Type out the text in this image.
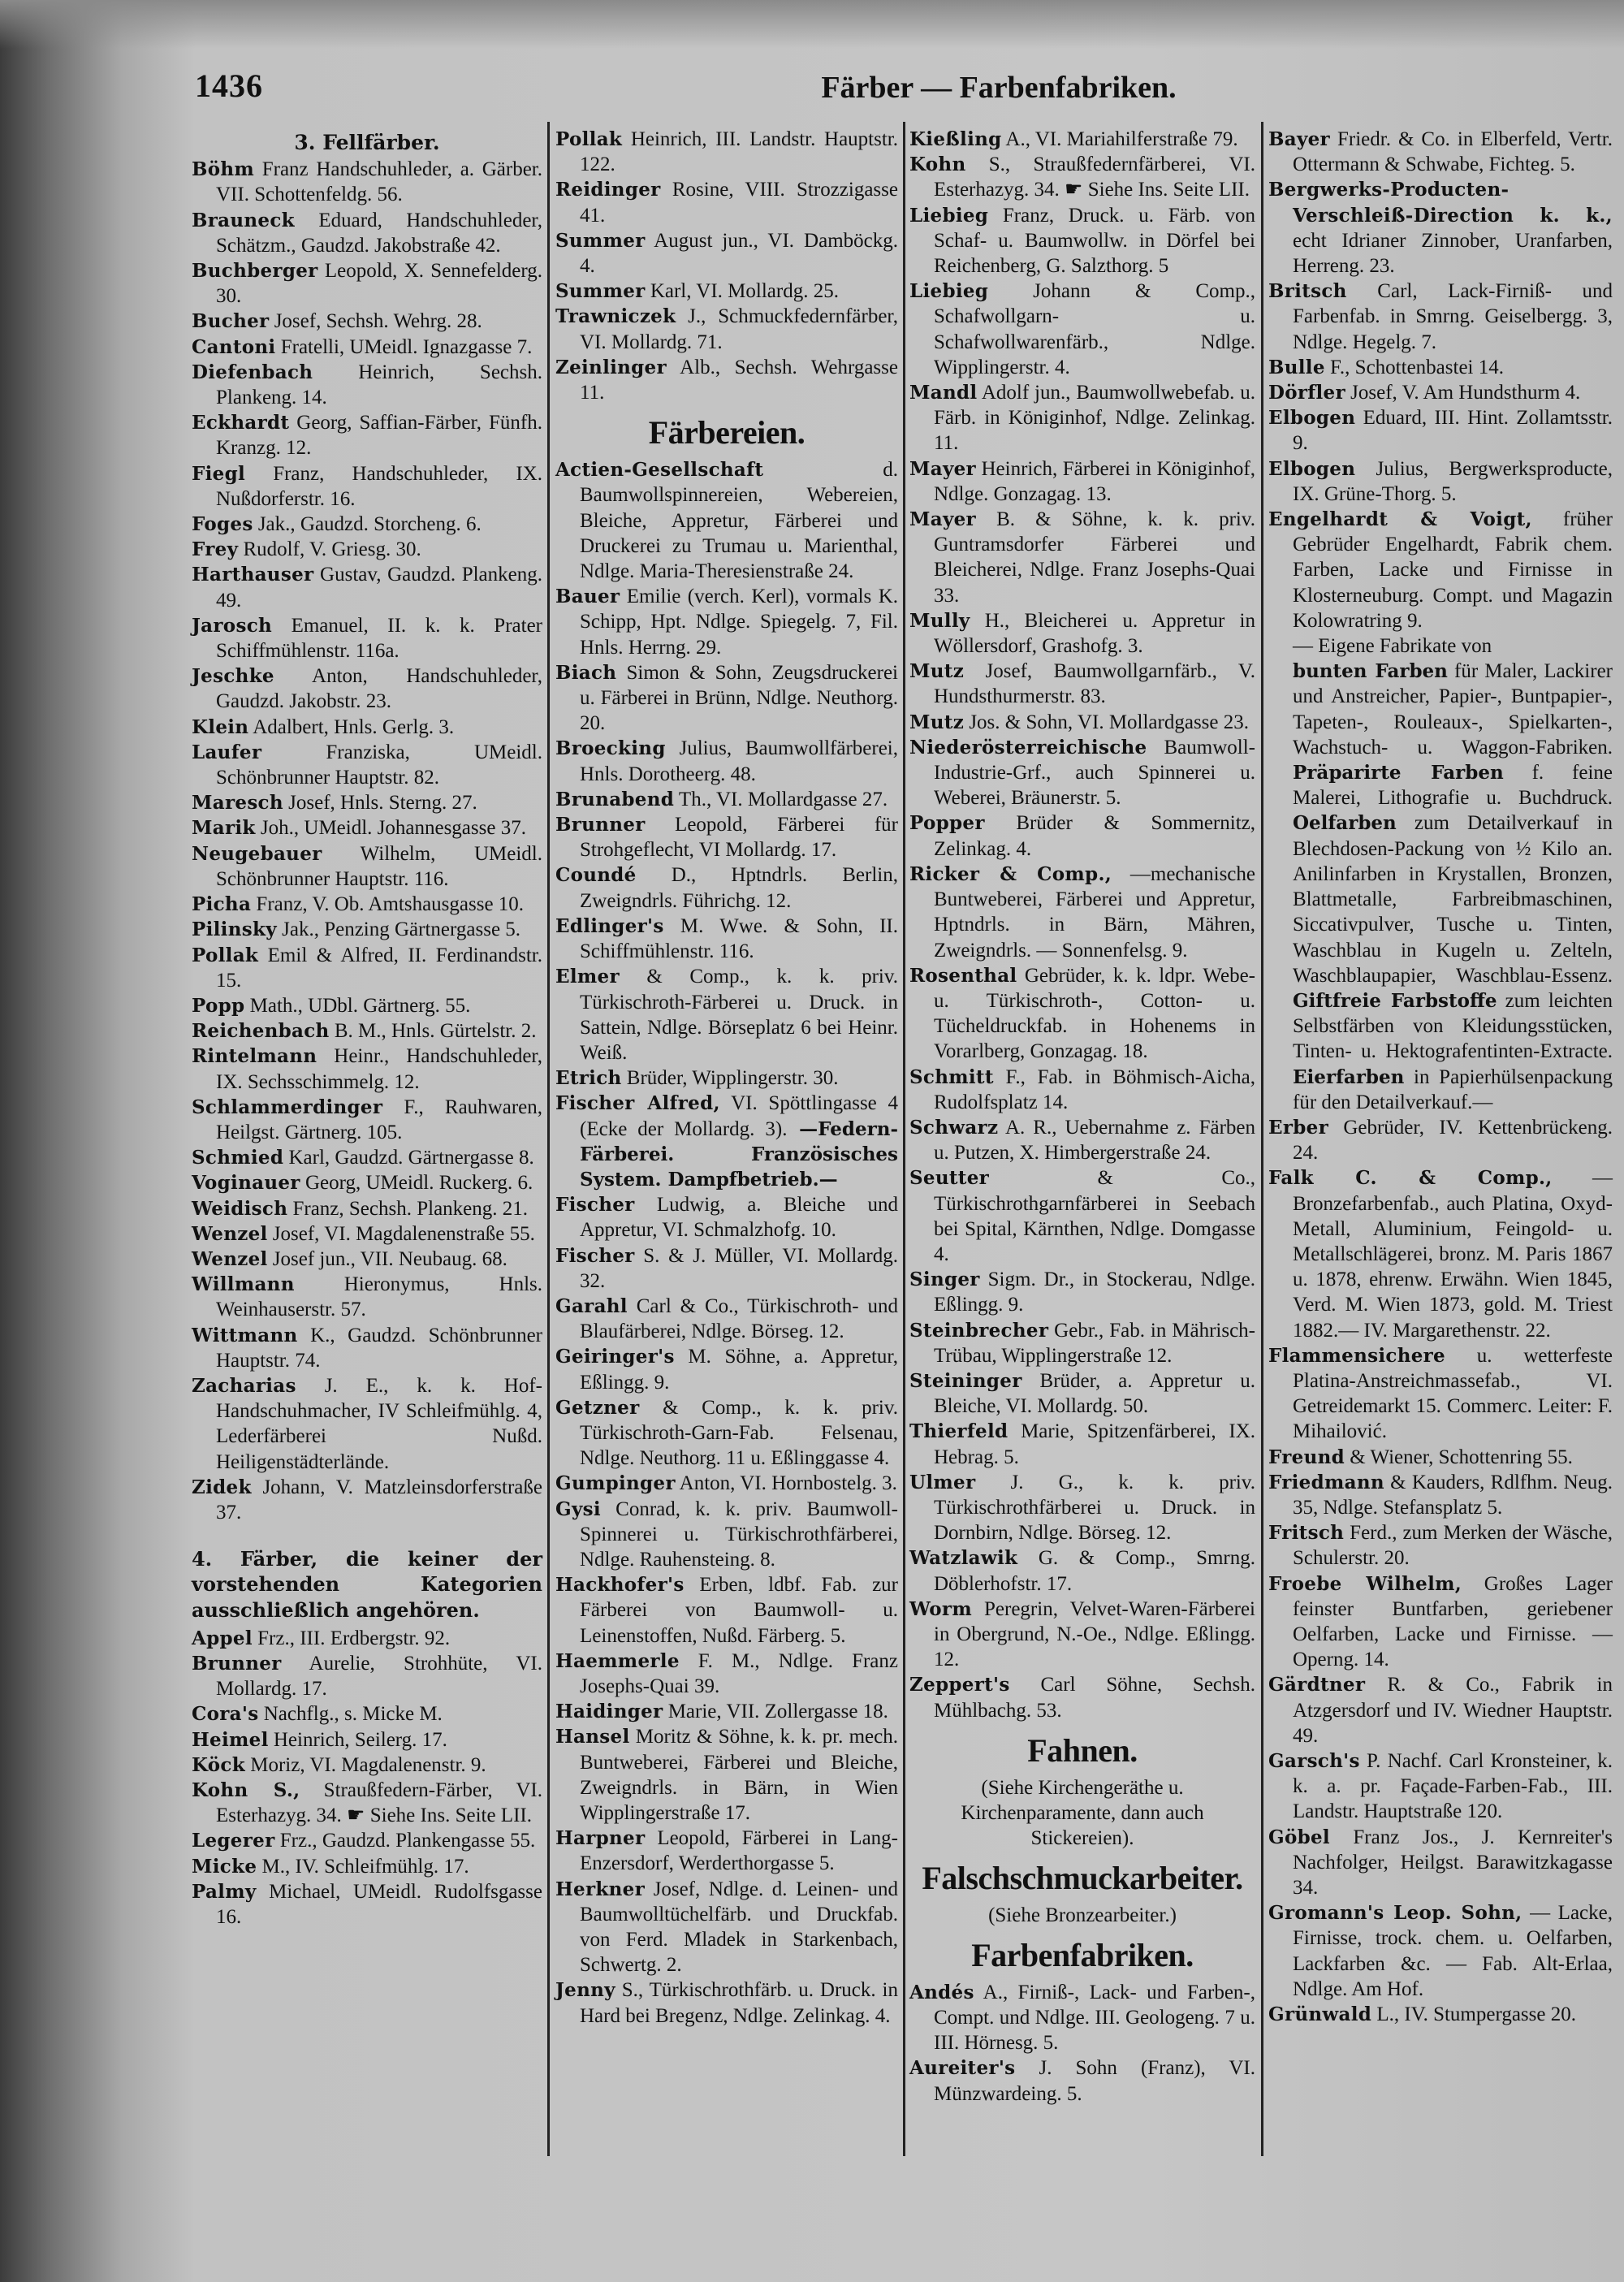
1436	Färber — Farbenfabriken.
3. Fellfärber.
Böhm Franz Handschuhleder, a. Gärber. VII. Schottenfeldg. 56.
Brauneck Eduard, Handschuhleder, Schätzm., Gaudzd. Jakobstraße 42.
Buchberger Leopold, X. Sennefelderg. 30.
Bucher Josef, Sechsh. Wehrg. 28.
Cantoni Fratelli, UMeidl. Ignazgasse 7.
Diefenbach Heinrich, Sechsh. Plankeng. 14.
Eckhardt Georg, Saffian-Färber, Fünfh. Kranzg. 12.
Fiegl Franz, Handschuhleder, IX. Nußdorferstr. 16.
Foges Jak., Gaudzd. Storcheng. 6.
Frey Rudolf, V. Griesg. 30.
Harthauser Gustav, Gaudzd. Plankeng. 49.
Jarosch Emanuel, II. k. k. Prater Schiffmühlenstr. 116a.
Jeschke Anton, Handschuhleder, Gaudzd. Jakobstr. 23.
Klein Adalbert, Hnls. Gerlg. 3.
Laufer Franziska, UMeidl. Schönbrunner Hauptstr. 82.
Maresch Josef, Hnls. Sterng. 27.
Marik Joh., UMeidl. Johannesgasse 37.
Neugebauer Wilhelm, UMeidl. Schönbrunner Hauptstr. 116.
Picha Franz, V. Ob. Amtshausgasse 10.
Pilinsky Jak., Penzing Gärtnergasse 5.
Pollak Emil & Alfred, II. Ferdinandstr. 15.
Popp Math., UDbl. Gärtnerg. 55.
Reichenbach B. M., Hnls. Gürtelstr. 2.
Rintelmann Heinr., Handschuhleder, IX. Sechsschimmelg. 12.
Schlammerdinger F., Rauhwaren, Heilgst. Gärtnerg. 105.
Schmied Karl, Gaudzd. Gärtnergasse 8.
Voginauer Georg, UMeidl. Ruckerg. 6.
Weidisch Franz, Sechsh. Plankeng. 21.
Wenzel Josef, VI. Magdalenenstraße 55.
Wenzel Josef jun., VII. Neubaug. 68.
Willmann Hieronymus, Hnls. Weinhauserstr. 57.
Wittmann K., Gaudzd. Schönbrunner Hauptstr. 74.
Zacharias J. E., k. k. Hof-Handschuhmacher, IV Schleifmühlg. 4, Lederfärberei Nußd. Heiligenstädterlände.
Zidek Johann, V. Matzleinsdorferstraße 37.
4. Färber, die keiner der vorstehenden Kategorien ausschließlich angehören.
Appel Frz., III. Erdbergstr. 92.
Brunner Aurelie, Strohhüte, VI. Mollardg. 17.
Cora's Nachflg., s. Micke M.
Heimel Heinrich, Seilerg. 17.
Köck Moriz, VI. Magdalenenstr. 9.
Kohn S., Straußfedern-Färber, VI. Esterhazyg. 34. ☛ Siehe Ins. Seite LII.
Legerer Frz., Gaudzd. Plankengasse 55.
Micke M., IV. Schleifmühlg. 17.
Palmy Michael, UMeidl. Rudolfsgasse 16.
Pollak Heinrich, III. Landstr. Hauptstr. 122.
Reidinger Rosine, VIII. Strozzigasse 41.
Summer August jun., VI. Damböckg. 4.
Summer Karl, VI. Mollardg. 25.
Trawniczek J., Schmuckfedernfärber, VI. Mollardg. 71.
Zeinlinger Alb., Sechsh. Wehrgasse 11.
Färbereien.
Actien-Gesellschaft d. Baumwollspinnereien, Webereien, Bleiche, Appretur, Färberei und Druckerei zu Trumau u. Marienthal, Ndlge. Maria-Theresienstraße 24.
Bauer Emilie (verch. Kerl), vormals K. Schipp, Hpt. Ndlge. Spiegelg. 7, Fil. Hnls. Herrng. 29.
Biach Simon & Sohn, Zeugsdruckerei u. Färberei in Brünn, Ndlge. Neuthorg. 20.
Broecking Julius, Baumwollfärberei, Hnls. Dorotheerg. 48.
Brunabend Th., VI. Mollardgasse 27.
Brunner Leopold, Färberei für Strohgeflecht, VI Mollardg. 17.
Coundé D., Hptndrls. Berlin, Zweigndrls. Führichg. 12.
Edlinger's M. Wwe. & Sohn, II. Schiffmühlenstr. 116.
Elmer & Comp., k. k. priv. Türkischroth-Färberei u. Druck. in Sattein, Ndlge. Börseplatz 6 bei Heinr. Weiß.
Etrich Brüder, Wipplingerstr. 30.
Fischer Alfred, VI. Spöttlingasse 4 (Ecke der Mollardg. 3). —Federn-Färberei. Französisches System. Dampfbetrieb.—
Fischer Ludwig, a. Bleiche und Appretur, VI. Schmalzhofg. 10.
Fischer S. & J. Müller, VI. Mollardg. 32.
Garahl Carl & Co., Türkischroth- und Blaufärberei, Ndlge. Börseg. 12.
Geiringer's M. Söhne, a. Appretur, Eßlingg. 9.
Getzner & Comp., k. k. priv. Türkischroth-Garn-Fab. Felsenau, Ndlge. Neuthorg. 11 u. Eßlinggasse 4.
Gumpinger Anton, VI. Hornbostelg. 3.
Gysi Conrad, k. k. priv. Baumwoll-Spinnerei u. Türkischrothfärberei, Ndlge. Rauhensteing. 8.
Hackhofer's Erben, ldbf. Fab. zur Färberei von Baumwoll- u. Leinenstoffen, Nußd. Färberg. 5.
Haemmerle F. M., Ndlge. Franz Josephs-Quai 39.
Haidinger Marie, VII. Zollergasse 18.
Hansel Moritz & Söhne, k. k. pr. mech. Buntweberei, Färberei und Bleiche, Zweigndrls. in Bärn, in Wien Wipplingerstraße 17.
Harpner Leopold, Färberei in Lang-Enzersdorf, Werderthorgasse 5.
Herkner Josef, Ndlge. d. Leinen- und Baumwolltüchelfärb. und Druckfab. von Ferd. Mladek in Starkenbach, Schwertg. 2.
Jenny S., Türkischrothfärb. u. Druck. in Hard bei Bregenz, Ndlge. Zelinkag. 4.
Kießling A., VI. Mariahilferstraße 79.
Kohn S., Straußfedernfärberei, VI. Esterhazyg. 34. ☛ Siehe Ins. Seite LII.
Liebieg Franz, Druck. u. Färb. von Schaf- u. Baumwollw. in Dörfel bei Reichenberg, G. Salzthorg. 5
Liebieg Johann & Comp., Schafwollgarn- u. Schafwollwarenfärb., Ndlge. Wipplingerstr. 4.
Mandl Adolf jun., Baumwollwebefab. u. Färb. in Königinhof, Ndlge. Zelinkag. 11.
Mayer Heinrich, Färberei in Königinhof, Ndlge. Gonzagag. 13.
Mayer B. & Söhne, k. k. priv. Guntramsdorfer Färberei und Bleicherei, Ndlge. Franz Josephs-Quai 33.
Mully H., Bleicherei u. Appretur in Wöllersdorf, Grashofg. 3.
Mutz Josef, Baumwollgarnfärb., V. Hundsthurmerstr. 83.
Mutz Jos. & Sohn, VI. Mollardgasse 23.
Niederösterreichische Baumwoll-Industrie-Grf., auch Spinnerei u. Weberei, Bräunerstr. 5.
Popper Brüder & Sommernitz, Zelinkag. 4.
Ricker & Comp., —mechanische Buntweberei, Färberei und Appretur, Hptndrls. in Bärn, Mähren, Zweigndrls. — Sonnenfelsg. 9.
Rosenthal Gebrüder, k. k. ldpr. Webe- u. Türkischroth-, Cotton- u. Tücheldruckfab. in Hohenems in Vorarlberg, Gonzagag. 18.
Schmitt F., Fab. in Böhmisch-Aicha, Rudolfsplatz 14.
Schwarz A. R., Uebernahme z. Färben u. Putzen, X. Himbergerstraße 24.
Seutter & Co., Türkischrothgarnfärberei in Seebach bei Spital, Kärnthen, Ndlge. Domgasse 4.
Singer Sigm. Dr., in Stockerau, Ndlge. Eßlingg. 9.
Steinbrecher Gebr., Fab. in Mährisch-Trübau, Wipplingerstraße 12.
Steininger Brüder, a. Appretur u. Bleiche, VI. Mollardg. 50.
Thierfeld Marie, Spitzenfärberei, IX. Hebrag. 5.
Ulmer J. G., k. k. priv. Türkischrothfärberei u. Druck. in Dornbirn, Ndlge. Börseg. 12.
Watzlawik G. & Comp., Smrng. Döblerhofstr. 17.
Worm Peregrin, Velvet-Waren-Färberei in Obergrund, N.-Oe., Ndlge. Eßlingg. 12.
Zeppert's Carl Söhne, Sechsh. Mühlbachg. 53.
Fahnen.
(Siehe Kirchengeräthe u. Kirchenparamente, dann auch Stickereien).
Falschschmuckarbeiter.
(Siehe Bronzearbeiter.)
Farbenfabriken.
Andés A., Firniß-, Lack- und Farben-, Compt. und Ndlge. III. Geologeng. 7 u. III. Hörnesg. 5.
Aureiter's J. Sohn (Franz), VI. Münzwardeing. 5.
Bayer Friedr. & Co. in Elberfeld, Vertr. Ottermann & Schwabe, Fichteg. 5.
Bergwerks-Producten-Verschleiß-Direction k. k., echt Idrianer Zinnober, Uranfarben, Herreng. 23.
Britsch Carl, Lack-Firniß- und Farbenfab. in Smrng. Geiselbergg. 3, Ndlge. Hegelg. 7.
Bulle F., Schottenbastei 14.
Dörfler Josef, V. Am Hundsthurm 4.
Elbogen Eduard, III. Hint. Zollamtsstr. 9.
Elbogen Julius, Bergwerksproducte, IX. Grüne-Thorg. 5.
Engelhardt & Voigt, früher Gebrüder Engelhardt, Fabrik chem. Farben, Lacke und Firnisse in Klosterneuburg. Compt. und Magazin Kolowratring 9.
— Eigene Fabrikate von
bunten Farben für Maler, Lackirer und Anstreicher, Papier-, Buntpapier-, Tapeten-, Rouleaux-, Spielkarten-, Wachstuch- u. Waggon-Fabriken. Präparirte Farben f. feine Malerei, Lithografie u. Buchdruck. Oelfarben zum Detailverkauf in Blechdosen-Packung von ½ Kilo an. Anilinfarben in Krystallen, Bronzen, Blattmetalle, Farbreibmaschinen, Siccativpulver, Tusche u. Tinten, Waschblau in Kugeln u. Zelteln, Waschblaupapier, Waschblau-Essenz. Giftfreie Farbstoffe zum leichten Selbstfärben von Kleidungsstücken, Tinten- u. Hektografentinten-Extracte. Eierfarben in Papierhülsenpackung für den Detailverkauf.—
Erber Gebrüder, IV. Kettenbrückeng. 24.
Falk C. & Comp., —Bronzefarbenfab., auch Platina, Oxyd-Metall, Aluminium, Feingold- u. Metallschlägerei, bronz. M. Paris 1867 u. 1878, ehrenw. Erwähn. Wien 1845, Verd. M. Wien 1873, gold. M. Triest 1882.— IV. Margarethenstr. 22.
Flammensichere u. wetterfeste Platina-Anstreichmassefab., VI. Getreidemarkt 15. Commerc. Leiter: F. Mihailović.
Freund & Wiener, Schottenring 55.
Friedmann & Kauders, Rdlfhm. Neug. 35, Ndlge. Stefansplatz 5.
Fritsch Ferd., zum Merken der Wäsche, Schulerstr. 20.
Froebe Wilhelm, Großes Lager feinster Buntfarben, geriebener Oelfarben, Lacke und Firnisse. — Operng. 14.
Gärdtner R. & Co., Fabrik in Atzgersdorf und IV. Wiedner Hauptstr. 49.
Garsch's P. Nachf. Carl Kronsteiner, k. k. a. pr. Façade-Farben-Fab., III. Landstr. Hauptstraße 120.
Göbel Franz Jos., J. Kernreiter's Nachfolger, Heilgst. Barawitzkagasse 34.
Gromann's Leop. Sohn, — Lacke, Firnisse, trock. chem. u. Oelfarben, Lackfarben &c. — Fab. Alt-Erlaa, Ndlge. Am Hof.
Grünwald L., IV. Stumpergasse 20.
